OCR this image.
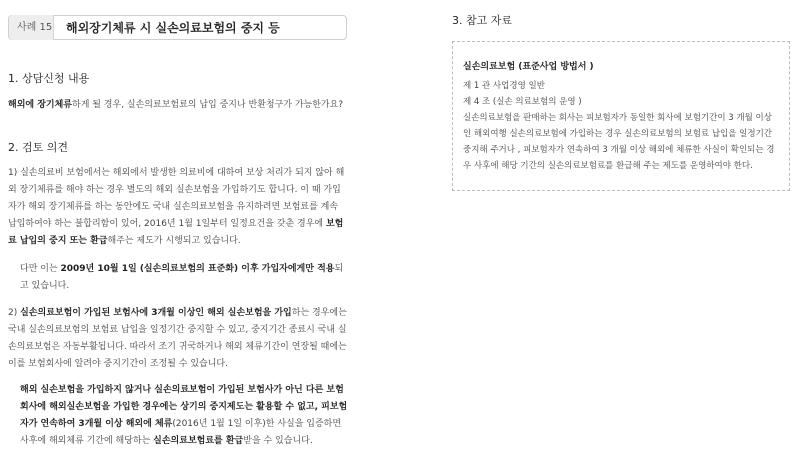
사례 15	해외장기체류 시 실손의료보험의 중지 등
1. 상담신청 내용

해외에 장기체류하게 될 경우, 실손의료보험료의 납입 중지나 반환청구가 가능한가요?

2. 검토 의견

1) 실손의료비 보험에서는 해외에서 발생한 의료비에 대하여 보상 처리가 되지 않아 해외 장기체류를 해야 하는 경우 별도의 해외 실손보험을 가입하기도 합니다. 이 때 가입자가 해외 장기체류를 하는 동안에도 국내 실손의료보험을 유지하려면 보험료를 계속 납입하여야 하는 불합리함이 있어, 2016년 1월 1일부터 일정요건을 갖춘 경우에 보험료 납입의 중지 또는 환급해주는 제도가 시행되고 있습니다.

다만 이는 2009년 10월 1일 (실손의료보험의 표준화) 이후 가입자에게만 적용되고 있습니다.

2) 실손의료보험이 가입된 보험사에 3개월 이상인 해외 실손보험을 가입하는 경우에는 국내 실손의료보험의 보험료 납입을 일정기간 중지할 수 있고, 중지기간 종료시 국내 실손의료보험은 자동부활됩니다. 따라서 조기 귀국하거나 해외 체류기간이 연장될 때에는 이를 보험회사에 알려야 중지기간이 조정될 수 있습니다.

해외 실손보험을 가입하지 않거나 실손의료보험이 가입된 보험사가 아닌 다른 보험회사에 해외실손보험을 가입한 경우에는 상기의 중지제도는 활용할 수 없고, 피보험자가 연속하여 3개월 이상 해외에 체류(2016년 1월 1일 이후)한 사실을 입증하면 사후에 해외체류 기간에 해당하는 실손의료보험료를 환급받을 수 있습니다.

3. 참고 자료
실손의료보험 (표준사업 방법서 )

제 1 관 사업경영 일반

제 4 조 (실손 의료보험의 운영 )

실손의료보험을 판매하는 회사는 피보험자가 동일한 회사에 보험기간이 3 개월 이상인 해외여행 실손의료보험에 가입하는 경우 실손의료보험의 보험료 납입을 일정기간 중지해 주거나 , 피보험자가 연속하여 3 개월 이상 해외에 체류한 사실이 확인되는 경우 사후에 해당 기간의 실손의료보험료를 환급해 주는 제도를 운영하여야 한다.
